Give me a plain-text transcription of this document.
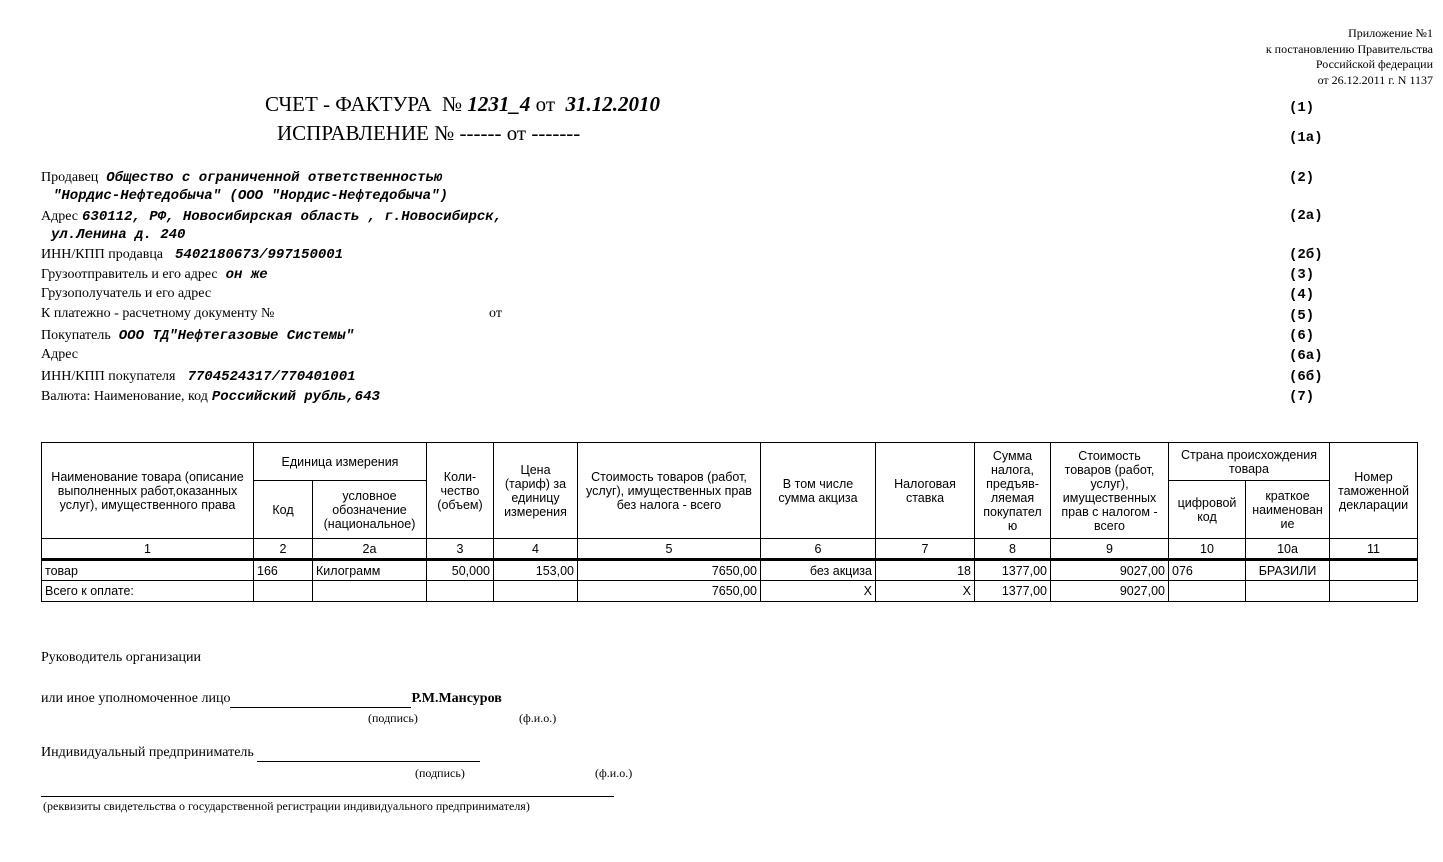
Приложение №1
к постановлению Правительства
Российской федерации
от 26.12.2011 г. N 1137
СЧЕТ - ФАКТУРА № 1231_4 от 31.12.2010
ИСПРАВЛЕНИЕ № ------ от -------
(1)
(1а)
(2)
(2а)
(2б)
(3)
(4)
(5)
(6)
(6а)
(6б)
(7)
Продавец Общество с ограниченной ответственностью
"Нордис-Нефтедобыча" (ООО "Нордис-Нефтедобыча")
Адрес 630112, РФ, Новосибирская область , г.Новосибирск,
ул.Ленина д. 240
ИНН/КПП продавца 5402180673/997150001
Грузоотправитель и его адрес он же
Грузополучатель и его адрес
К платежно - расчетному документу №	от
Покупатель ООО ТД"Нефтегазовые Системы"
Адрес
ИНН/КПП покупателя 7704524317/770401001
Валюта: Наименование, код Российский рубль,643
Наименование товара (описание выполненных работ,оказанных услуг), имущественного права	Единица измерения		Коли-чество (объем)	Цена (тариф) за единицу измерения	Стоимость товаров (работ, услуг), имущественных прав без налога - всего	В том числе сумма акциза	Налоговая ставка	Сумма налога, предъяв-ляемая покупател ю	Стоимость товаров (работ, услуг), имущественных прав с налогом - всего	Страна происхождения товара		Номер таможенной декларации
	Код	условное обозначение (национальное)								цифровой код	краткое наименован ие	
1	2	2а	3	4	5	6	7	8	9	10	10а	11
товар	166	Килограмм	50,000	153,00	7650,00	без акциза	18	1377,00	9027,00	076	БРАЗИЛИ	
Всего к оплате:					7650,00	X	X	1377,00	9027,00			
Руководитель организации
или иное уполномоченное лицо	Р.М.Мансуров
(подпись)	(ф.и.о.)
Индивидуальный предприниматель
(подпись)	(ф.и.о.)
(реквизиты свидетельства о государственной регистрации индивидуального предпринимателя)
